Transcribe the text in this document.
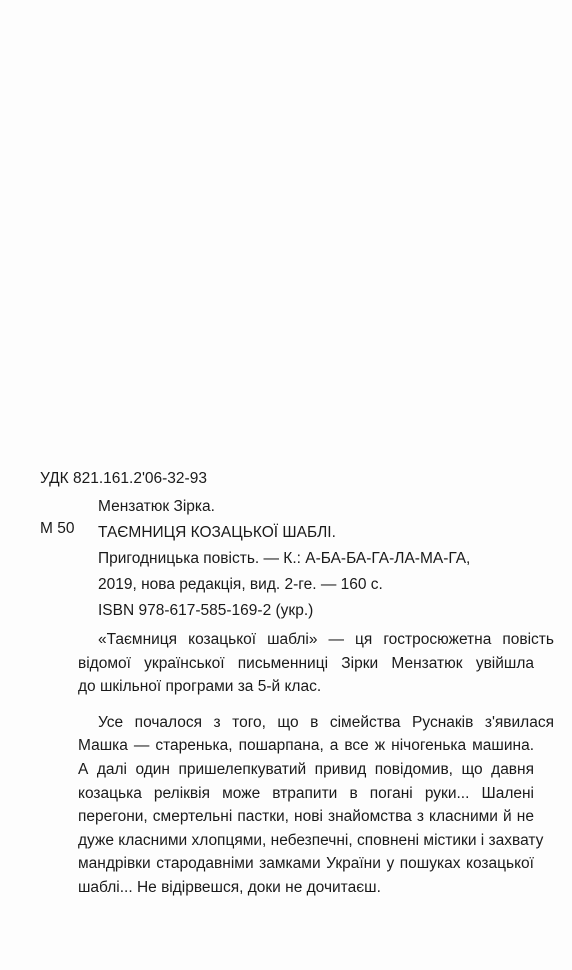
УДК 821.161.2'06-32-93
М 50
Мензатюк Зірка.
ТАЄМНИЦЯ КОЗАЦЬКОЇ ШАБЛІ.
Пригодницька повість. — К.: А-БА-БА-ГА-ЛА-МА-ГА,
2019, нова редакція, вид. 2-ге. — 160 с.
ISBN 978-617-585-169-2 (укр.)

«Таємниця козацької шаблі» — ця гостросюжетна повість
відомої української письменниці Зірки Мензатюк увійшла
до шкільної програми за 5-й клас.

Усе почалося з того, що в сімейства Руснаків з'явилася
Машка — старенька, пошарпана, а все ж нічогенька машина.
А далі один пришелепкуватий привид повідомив, що давня
козацька реліквія може втрапити в погані руки... Шалені
перегони, смертельні пастки, нові знайомства з класними й не
дуже класними хлопцями, небезпечні, сповнені містики і захвату
мандрівки стародавніми замками України у пошуках козацької
шаблі... Не відірвешся, доки не дочитаєш.
